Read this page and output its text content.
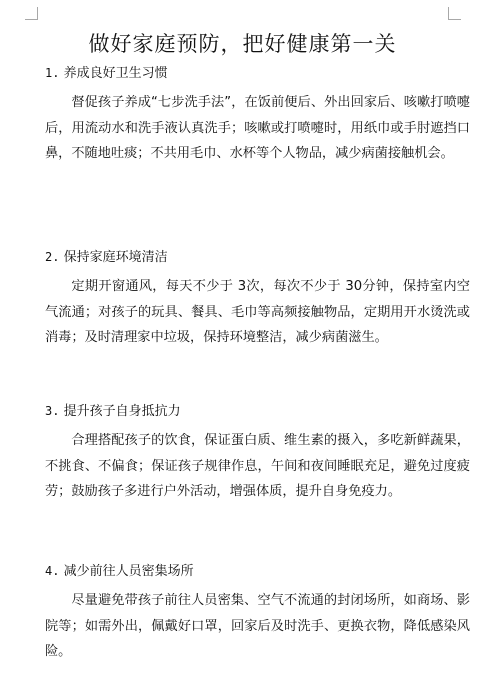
做好家庭预防，把好健康第一关
1. 养成良好卫生习惯
督促孩子养成“七步洗手法”，在饭前便后、外出回家后、咳嗽打喷嚏后，用流动水和洗手液认真洗手；咳嗽或打喷嚏时，用纸巾或手肘遮挡口鼻，不随地吐痰；不共用毛巾、水杯等个人物品，减少病菌接触机会。
2. 保持家庭环境清洁
定期开窗通风，每天不少于 3次，每次不少于 30分钟，保持室内空气流通；对孩子的玩具、餐具、毛巾等高频接触物品，定期用开水烫洗或消毒；及时清理家中垃圾，保持环境整洁，减少病菌滋生。
3. 提升孩子自身抵抗力
合理搭配孩子的饮食，保证蛋白质、维生素的摄入，多吃新鲜蔬果，不挑食、不偏食；保证孩子规律作息，午间和夜间睡眠充足，避免过度疲劳；鼓励孩子多进行户外活动，增强体质，提升自身免疫力。
4. 减少前往人员密集场所
尽量避免带孩子前往人员密集、空气不流通的封闭场所，如商场、影院等；如需外出，佩戴好口罩，回家后及时洗手、更换衣物，降低感染风险。
